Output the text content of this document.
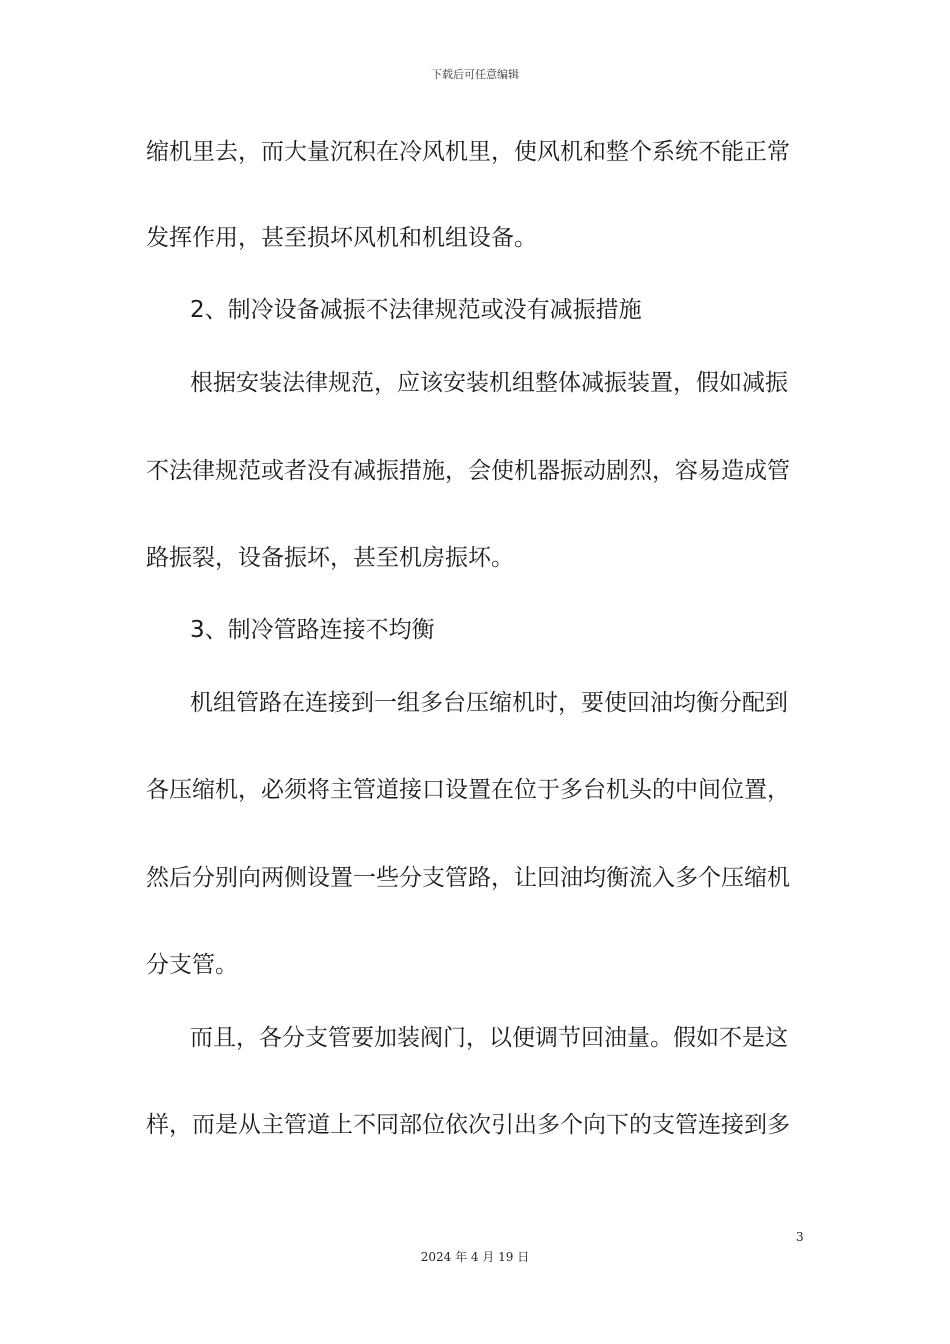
下载后可任意编辑
缩机里去，而大量沉积在冷风机里，使风机和整个系统不能正常
发挥作用，甚至损坏风机和机组设备。
2、制冷设备减振不法律规范或没有减振措施
根据安装法律规范，应该安装机组整体减振装置，假如减振
不法律规范或者没有减振措施，会使机器振动剧烈，容易造成管
路振裂，设备振坏，甚至机房振坏。
3、制冷管路连接不均衡
机组管路在连接到一组多台压缩机时，要使回油均衡分配到
各压缩机，必须将主管道接口设置在位于多台机头的中间位置，
然后分别向两侧设置一些分支管路，让回油均衡流入多个压缩机
分支管。
而且，各分支管要加装阀门，以便调节回油量。假如不是这
样，而是从主管道上不同部位依次引出多个向下的支管连接到多
3
2024 年 4 月 19 日
